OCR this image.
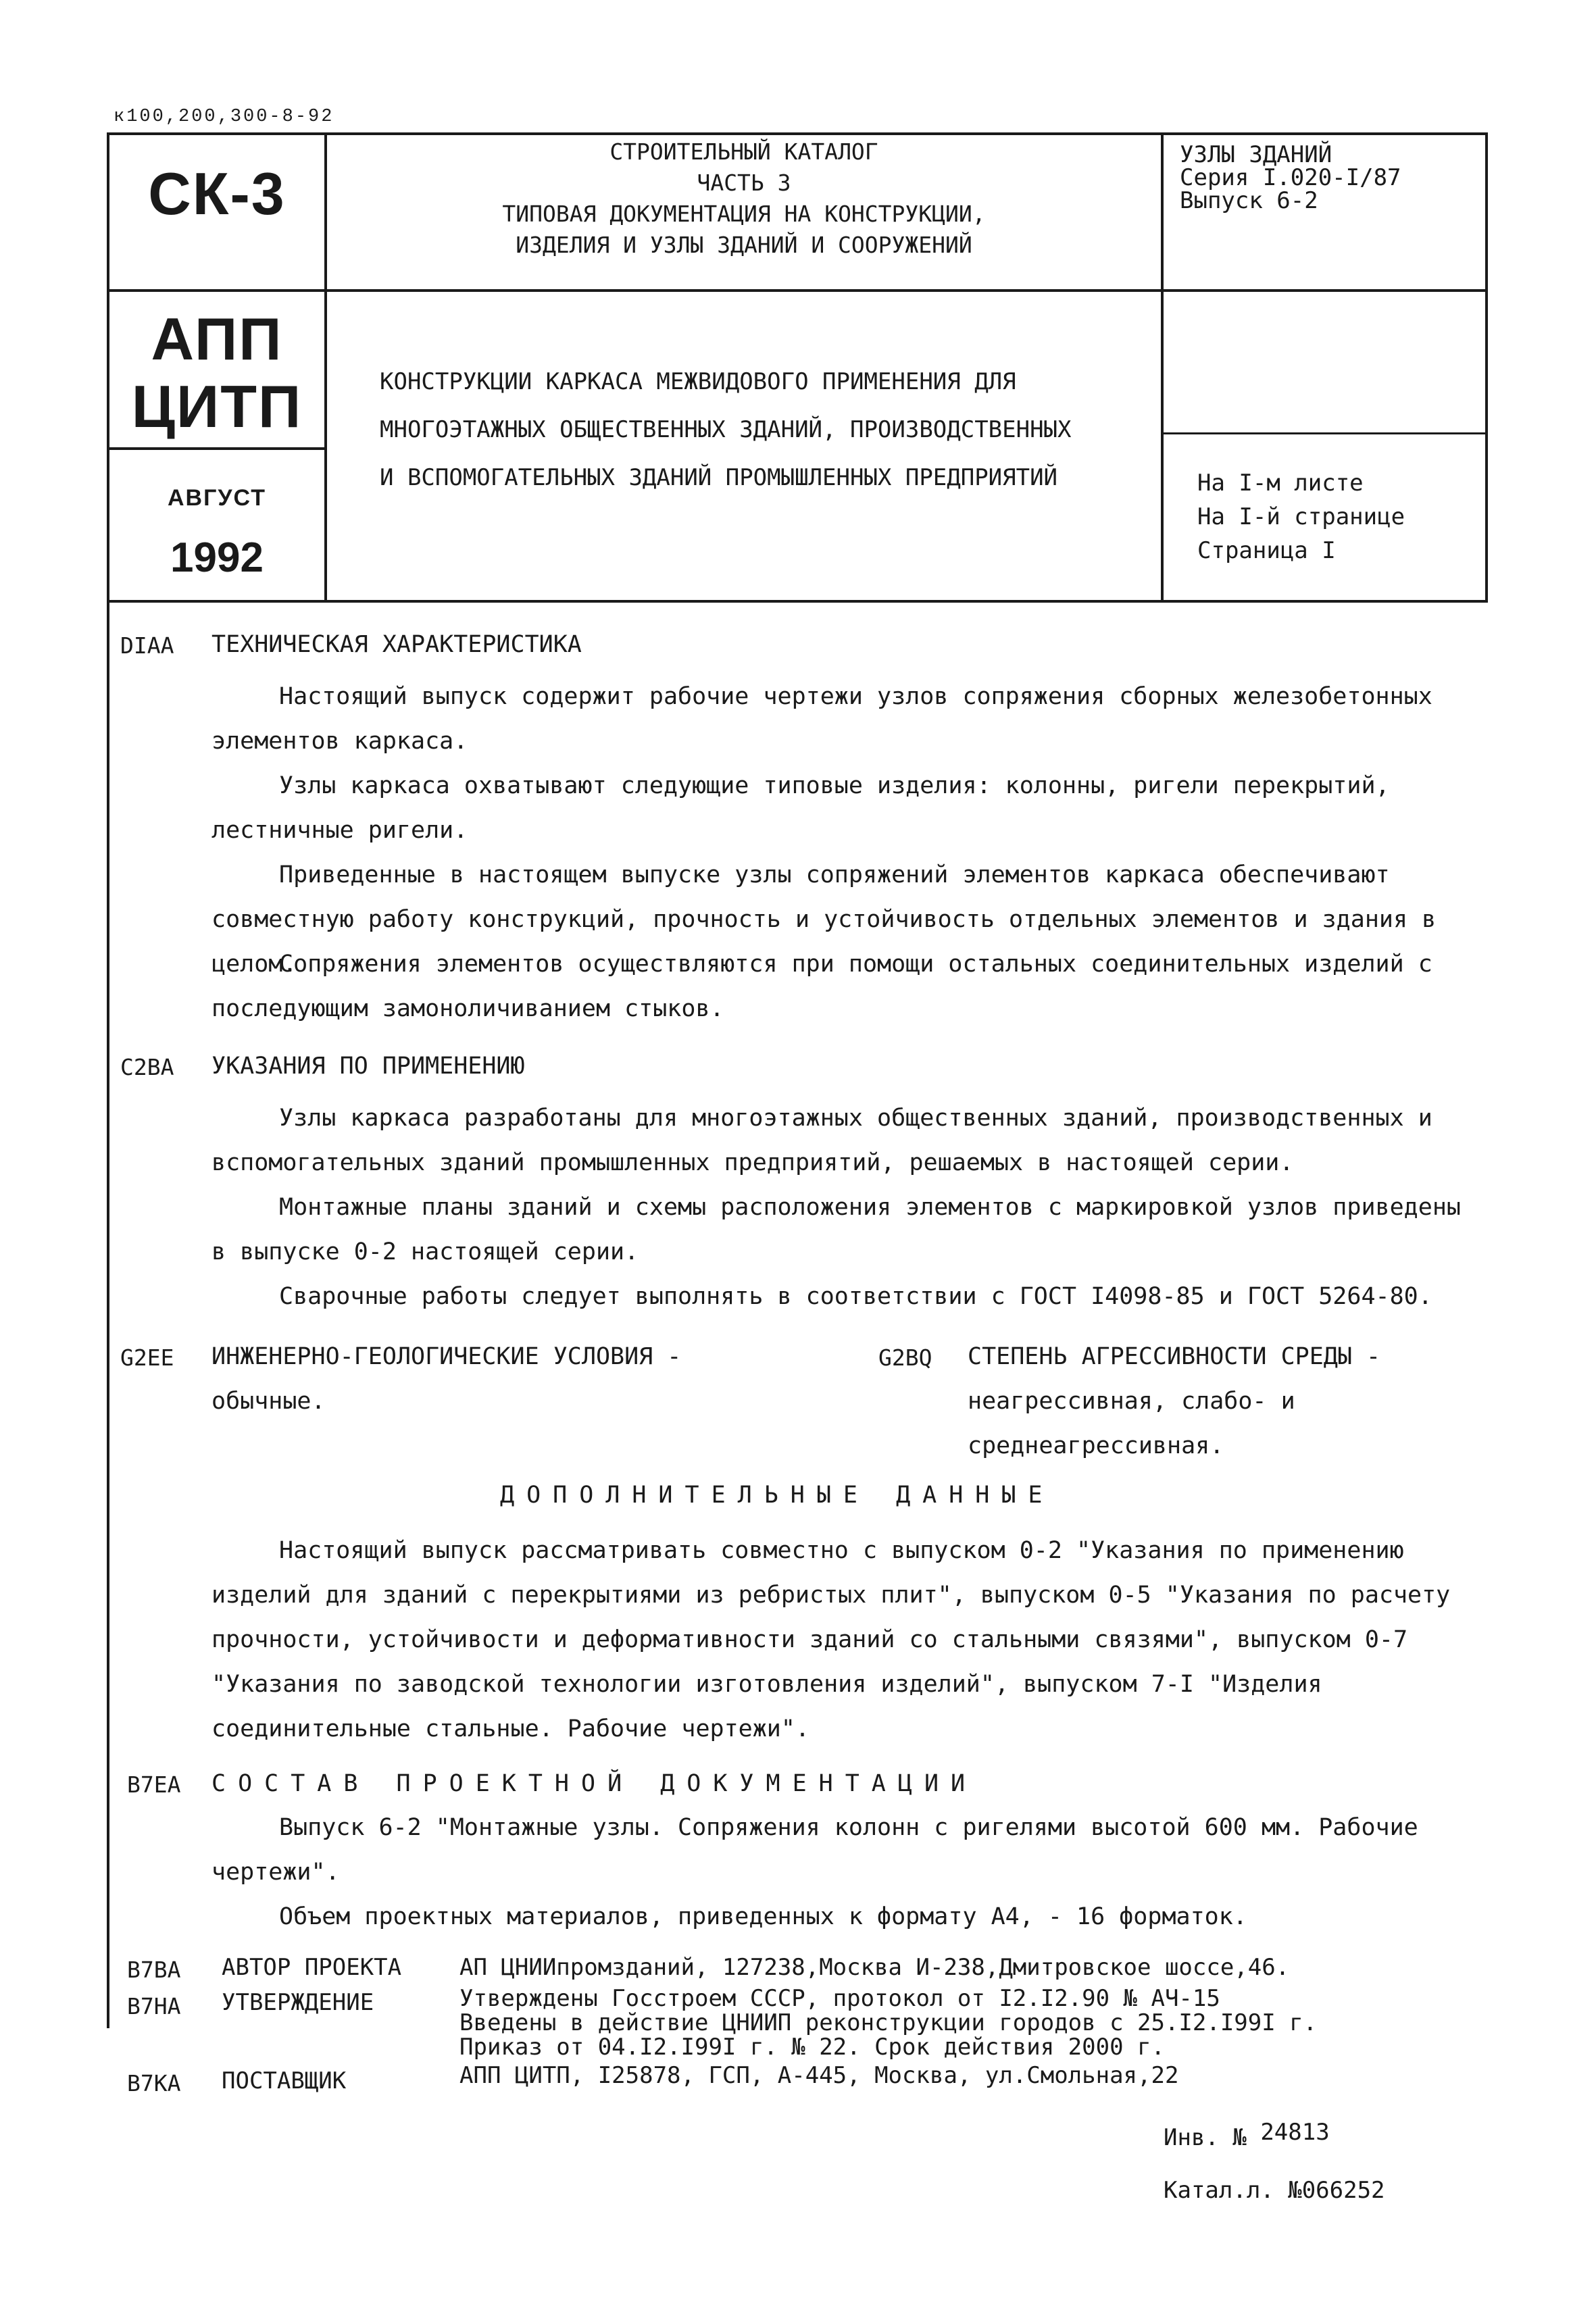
к100,200,300-8-92
СК-3
АПП
ЦИТП
АВГУСТ
1992
СТРОИТЕЛЬНЫЙ КАТАЛОГ
ЧАСТЬ 3
ТИПОВАЯ ДОКУМЕНТАЦИЯ НА КОНСТРУКЦИИ,
ИЗДЕЛИЯ И УЗЛЫ ЗДАНИЙ И СООРУЖЕНИЙ
УЗЛЫ ЗДАНИЙ
Серия I.020-I/87
Выпуск 6-2
КОНСТРУКЦИИ КАРКАСА МЕЖВИДОВОГО ПРИМЕНЕНИЯ ДЛЯ
МНОГОЭТАЖНЫХ ОБЩЕСТВЕННЫХ ЗДАНИЙ, ПРОИЗВОДСТВЕННЫХ
И ВСПОМОГАТЕЛЬНЫХ ЗДАНИЙ ПРОМЫШЛЕННЫХ ПРЕДПРИЯТИЙ	На I-м листе
На I-й странице
Страница I
DIAA ТЕХНИЧЕСКАЯ ХАРАКТЕРИСТИКА
Настоящий выпуск содержит рабочие чертежи узлов сопряжения сборных железобетонных элементов каркаса.
Узлы каркаса охватывают следующие типовые изделия: колонны, ригели перекрытий, лестничные ригели.
Приведенные в настоящем выпуске узлы сопряжений элементов каркаса обеспечивают совместную работу конструкций, прочность и устойчивость отдельных элементов и здания в целом.
Сопряжения элементов осуществляются при помощи остальных соединительных изделий с последующим замоноличиванием стыков.
C2BA УКАЗАНИЯ ПО ПРИМЕНЕНИЮ
Узлы каркаса разработаны для многоэтажных общественных зданий, производственных и вспомогательных зданий промышленных предприятий, решаемых в настоящей серии.
Монтажные планы зданий и схемы расположения элементов с маркировкой узлов приведены в выпуске 0-2 настоящей серии.
Сварочные работы следует выполнять в соответствии с ГОСТ I4098-85 и ГОСТ 5264-80.
G2EE ИНЖЕНЕРНО-ГЕОЛОГИЧЕСКИЕ УСЛОВИЯ - обычные.
G2BQ СТЕПЕНЬ АГРЕССИВНОСТИ СРЕДЫ - неагрессивная, слабо- и среднеагрессивная.
ДОПОЛНИТЕЛЬНЫЕ ДАННЫЕ
Настоящий выпуск рассматривать совместно с выпуском 0-2 "Указания по применению изделий для зданий с перекрытиями из ребристых плит", выпуском 0-5 "Указания по расчету прочности, устойчивости и деформативности зданий со стальными связями", выпуском 0-7 "Указания по заводской технологии изготовления изделий", выпуском 7-I "Изделия соединительные стальные. Рабочие чертежи".
B7EA СОСТАВ ПРОЕКТНОЙ ДОКУМЕНТАЦИИ
Выпуск 6-2 "Монтажные узлы. Сопряжения колонн с ригелями высотой 600 мм. Рабочие чертежи".
Объем проектных материалов, приведенных к формату А4, - 16 форматок.
B7BA АВТОР ПРОЕКТА	АП ЦНИИпромзданий, 127238,Москва И-238,Дмитровское шоссе,46.
B7HA УТВЕРЖДЕНИЕ	Утверждены Госстроем СССР, протокол от I2.I2.90 № АЧ-15
Введены в действие ЦНИИП реконструкции городов с 25.I2.I99I г.
Приказ от 04.I2.I99I г. № 22. Срок действия 2000 г.
B7KA ПОСТАВЩИК	АПП ЦИТП, I25878, ГСП, А-445, Москва, ул.Смольная,22
Инв. № 24813
Катал.л. №066252
